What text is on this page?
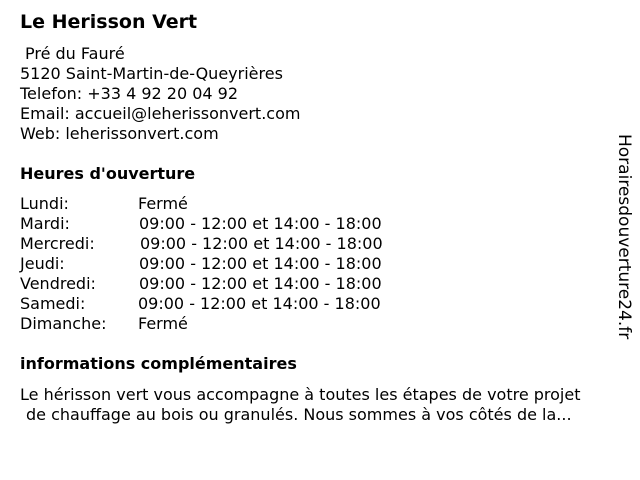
Le Herisson Vert
Pré du Fauré
5120 Saint-Martin-de-Queyrières
Telefon: +33 4 92 20 04 92
Email: accueil@leherissonvert.com
Web: leherissonvert.com
Heures d'ouverture
Lundi:	Fermé
Mardi:	09:00 - 12:00 et 14:00 - 18:00
Mercredi:	09:00 - 12:00 et 14:00 - 18:00
Jeudi:	09:00 - 12:00 et 14:00 - 18:00
Vendredi:	09:00 - 12:00 et 14:00 - 18:00
Samedi:	09:00 - 12:00 et 14:00 - 18:00
Dimanche: Fermé
informations complémentaires
Le hérisson vert vous accompagne à toutes les étapes de votre projet
de chauffage au bois ou granulés. Nous sommes à vos côtés de la...
Horairesdouverture24.fr
